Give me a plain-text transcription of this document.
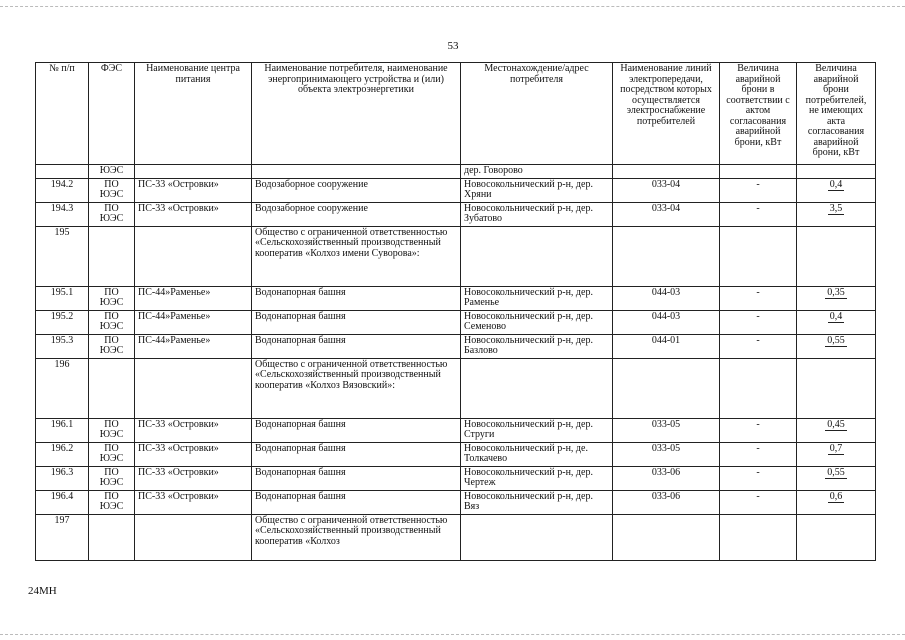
53
№ п/п	ФЭС	Наименование центра питания	Наименование потребителя, наименование энергопринимающего устройства и (или) объекта электроэнергетики	Местонахождение/адрес потребителя	Наименование линий электропередачи, посредством которых осуществляется электроснабжение потребителей	Величина аварийной брони в соответствии с актом согласования аварийной брони, кВт	Величина аварийной брони потребителей, не имеющих акта согласования аварийной брони, кВт
	ЮЭС			дер. Говорово			
194.2	ПО ЮЭС	ПС-33 «Островки»	Водозаборное сооружение	Новосокольнический р-н, дер. Хряни	033-04	-	0,4
194.3	ПО ЮЭС	ПС-33 «Островки»	Водозаборное сооружение	Новосокольнический р-н, дер. Зубатово	033-04	-	3,5
195			Общество с ограниченной ответственностью «Сельскохозяйственный производственный кооператив «Колхоз имени Суворова»:				
195.1	ПО ЮЭС	ПС-44»Раменье»	Водонапорная башня	Новосокольнический р-н, дер. Раменье	044-03	-	0,35
195.2	ПО ЮЭС	ПС-44»Раменье»	Водонапорная башня	Новосокольнический р-н, дер. Семеново	044-03	-	0,4
195.3	ПО ЮЭС	ПС-44»Раменье»	Водонапорная башня	Новосокольнический р-н, дер. Базлово	044-01	-	0,55
196			Общество с ограниченной ответственностью «Сельскохозяйственный производственный кооператив «Колхоз Вязовский»:				
196.1	ПО ЮЭС	ПС-33 «Островки»	Водонапорная башня	Новосокольнический р-н, дер. Струги	033-05	-	0,45
196.2	ПО ЮЭС	ПС-33 «Островки»	Водонапорная башня	Новосокольнический р-н, де. Толкачево	033-05	-	0,7
196.3	ПО ЮЭС	ПС-33 «Островки»	Водонапорная башня	Новосокольнический р-н, дер. Чертеж	033-06	-	0,55
196.4	ПО ЮЭС	ПС-33 «Островки»	Водонапорная башня	Новосокольнический р-н, дер. Вяз	033-06	-	0,6
197			Общество с ограниченной ответственностью «Сельскохозяйственный производственный кооператив «Колхоз				
24MH
